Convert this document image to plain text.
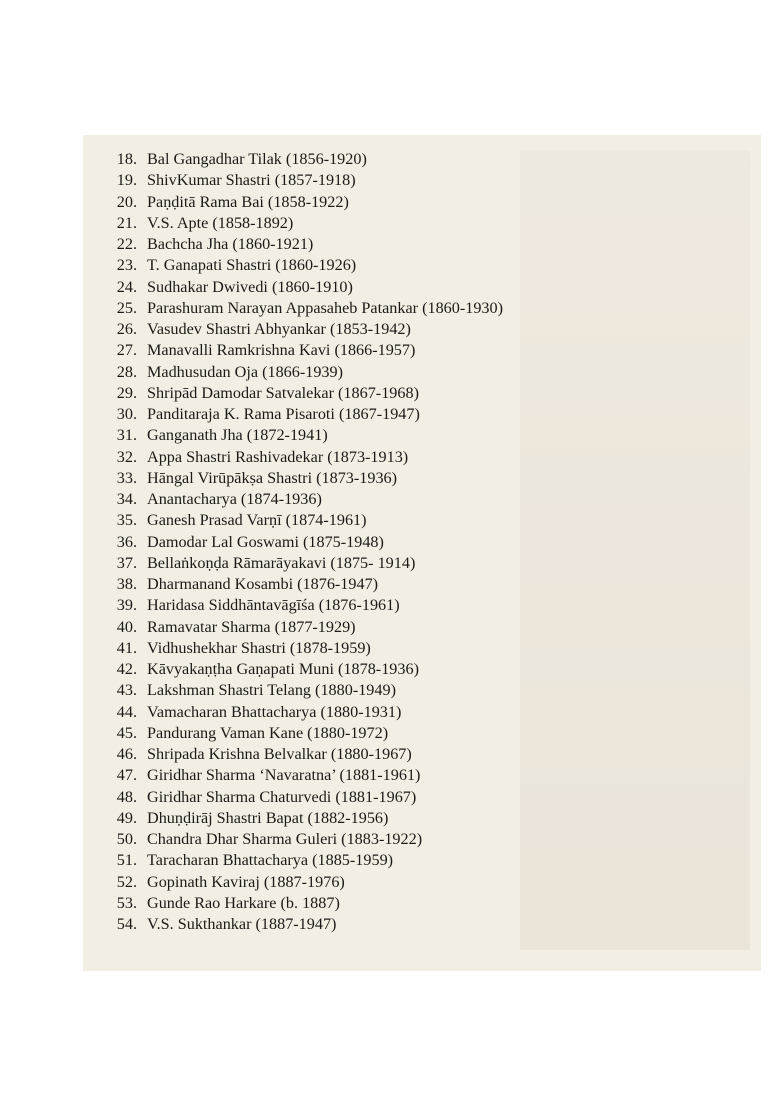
18. Bal Gangadhar Tilak (1856-1920)
19. ShivKumar Shastri (1857-1918)
20. Paṇḍitā Rama Bai (1858-1922)
21. V.S. Apte (1858-1892)
22. Bachcha Jha (1860-1921)
23. T. Ganapati Shastri (1860-1926)
24. Sudhakar Dwivedi (1860-1910)
25. Parashuram Narayan Appasaheb Patankar (1860-1930)
26. Vasudev Shastri Abhyankar (1853-1942)
27. Manavalli Ramkrishna Kavi (1866-1957)
28. Madhusudan Oja (1866-1939)
29. Shripād Damodar Satvalekar (1867-1968)
30. Panditaraja K. Rama Pisaroti (1867-1947)
31. Ganganath Jha (1872-1941)
32. Appa Shastri Rashivadekar (1873-1913)
33. Hāngal Virūpākṣa Shastri (1873-1936)
34. Anantacharya (1874-1936)
35. Ganesh Prasad Varṇī (1874-1961)
36. Damodar Lal Goswami (1875-1948)
37. Bellaṅkoṇḍa Rāmarāyakavi (1875- 1914)
38. Dharmanand Kosambi (1876-1947)
39. Haridasa Siddhāntavāgīśa (1876-1961)
40. Ramavatar Sharma (1877-1929)
41. Vidhushekhar Shastri (1878-1959)
42. Kāvyakaṇṭha Gaṇapati Muni (1878-1936)
43. Lakshman Shastri Telang (1880-1949)
44. Vamacharan Bhattacharya (1880-1931)
45. Pandurang Vaman Kane (1880-1972)
46. Shripada Krishna Belvalkar (1880-1967)
47. Giridhar Sharma ‘Navaratna’ (1881-1961)
48. Giridhar Sharma Chaturvedi (1881-1967)
49. Dhuṇḍirāj Shastri Bapat (1882-1956)
50. Chandra Dhar Sharma Guleri (1883-1922)
51. Taracharan Bhattacharya (1885-1959)
52. Gopinath Kaviraj (1887-1976)
53. Gunde Rao Harkare (b. 1887)
54. V.S. Sukthankar (1887-1947)
